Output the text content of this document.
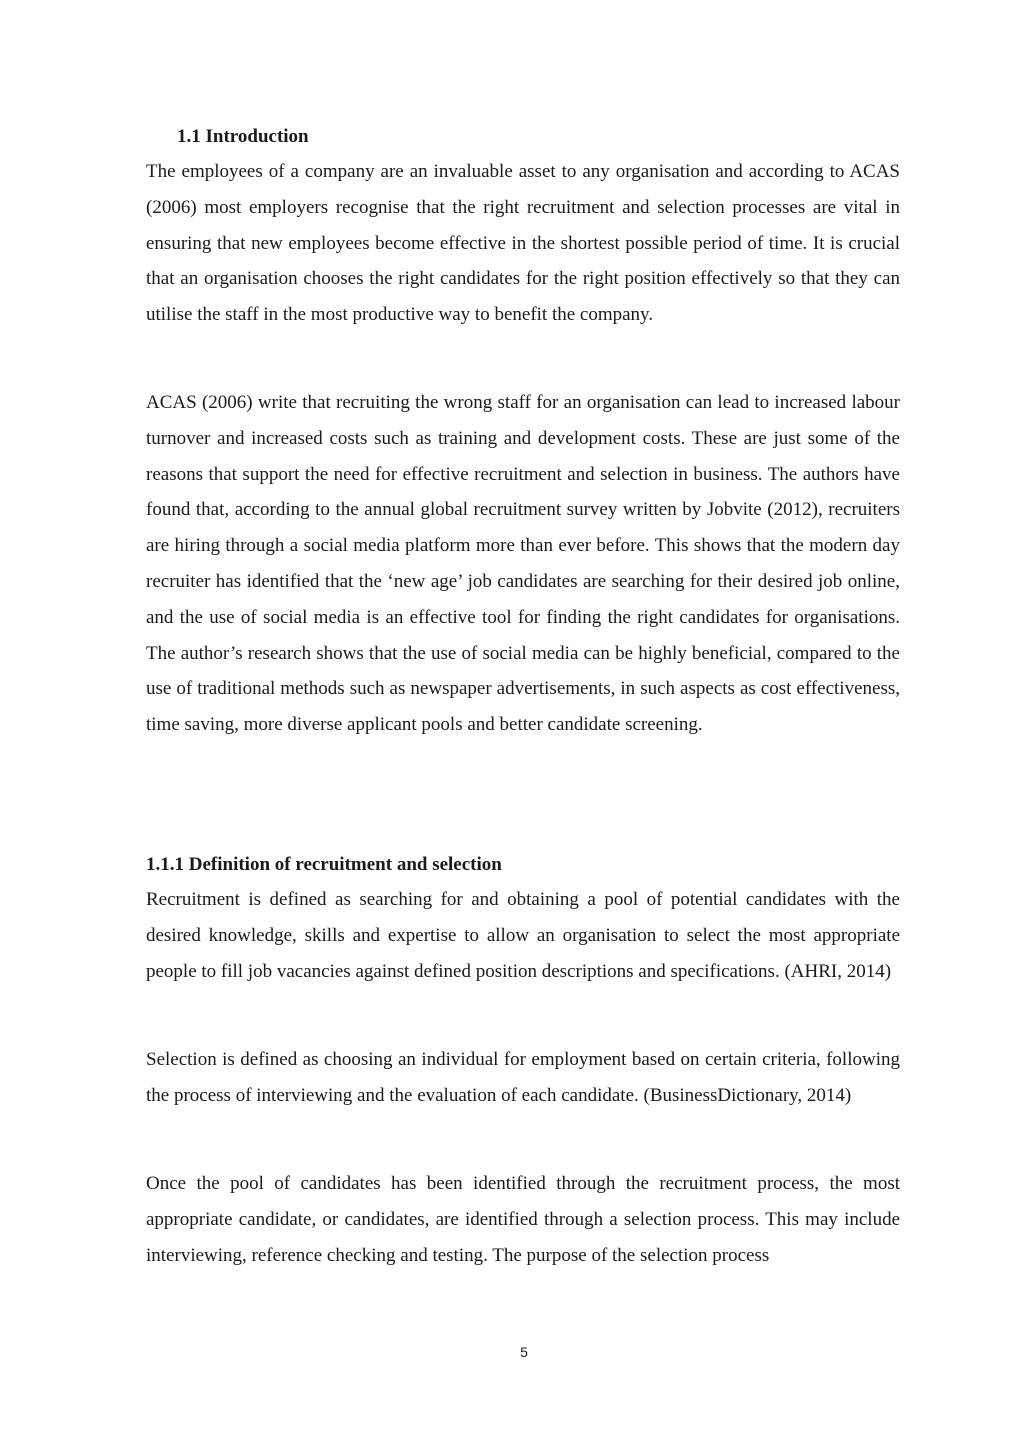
1.1 Introduction

The employees of a company are an invaluable asset to any organisation and according to ACAS (2006) most employers recognise that the right recruitment and selection processes are vital in ensuring that new employees become effective in the shortest possible period of time. It is crucial that an organisation chooses the right candidates for the right position effectively so that they can utilise the staff in the most productive way to benefit the company.

ACAS (2006) write that recruiting the wrong staff for an organisation can lead to increased labour turnover and increased costs such as training and development costs. These are just some of the reasons that support the need for effective recruitment and selection in business. The authors have found that, according to the annual global recruitment survey written by Jobvite (2012), recruiters are hiring through a social media platform more than ever before. This shows that the modern day recruiter has identified that the ‘new age’ job candidates are searching for their desired job online, and the use of social media is an effective tool for finding the right candidates for organisations. The author’s research shows that the use of social media can be highly beneficial, compared to the use of traditional methods such as newspaper advertisements, in such aspects as cost effectiveness, time saving, more diverse applicant pools and better candidate screening.

1.1.1 Definition of recruitment and selection

Recruitment is defined as searching for and obtaining a pool of potential candidates with the desired knowledge, skills and expertise to allow an organisation to select the most appropriate people to fill job vacancies against defined position descriptions and specifications. (AHRI, 2014)

Selection is defined as choosing an individual for employment based on certain criteria, following the process of interviewing and the evaluation of each candidate. (BusinessDictionary, 2014)

Once the pool of candidates has been identified through the recruitment process, the most appropriate candidate, or candidates, are identified through a selection process. This may include interviewing, reference checking and testing. The purpose of the selection process

5
